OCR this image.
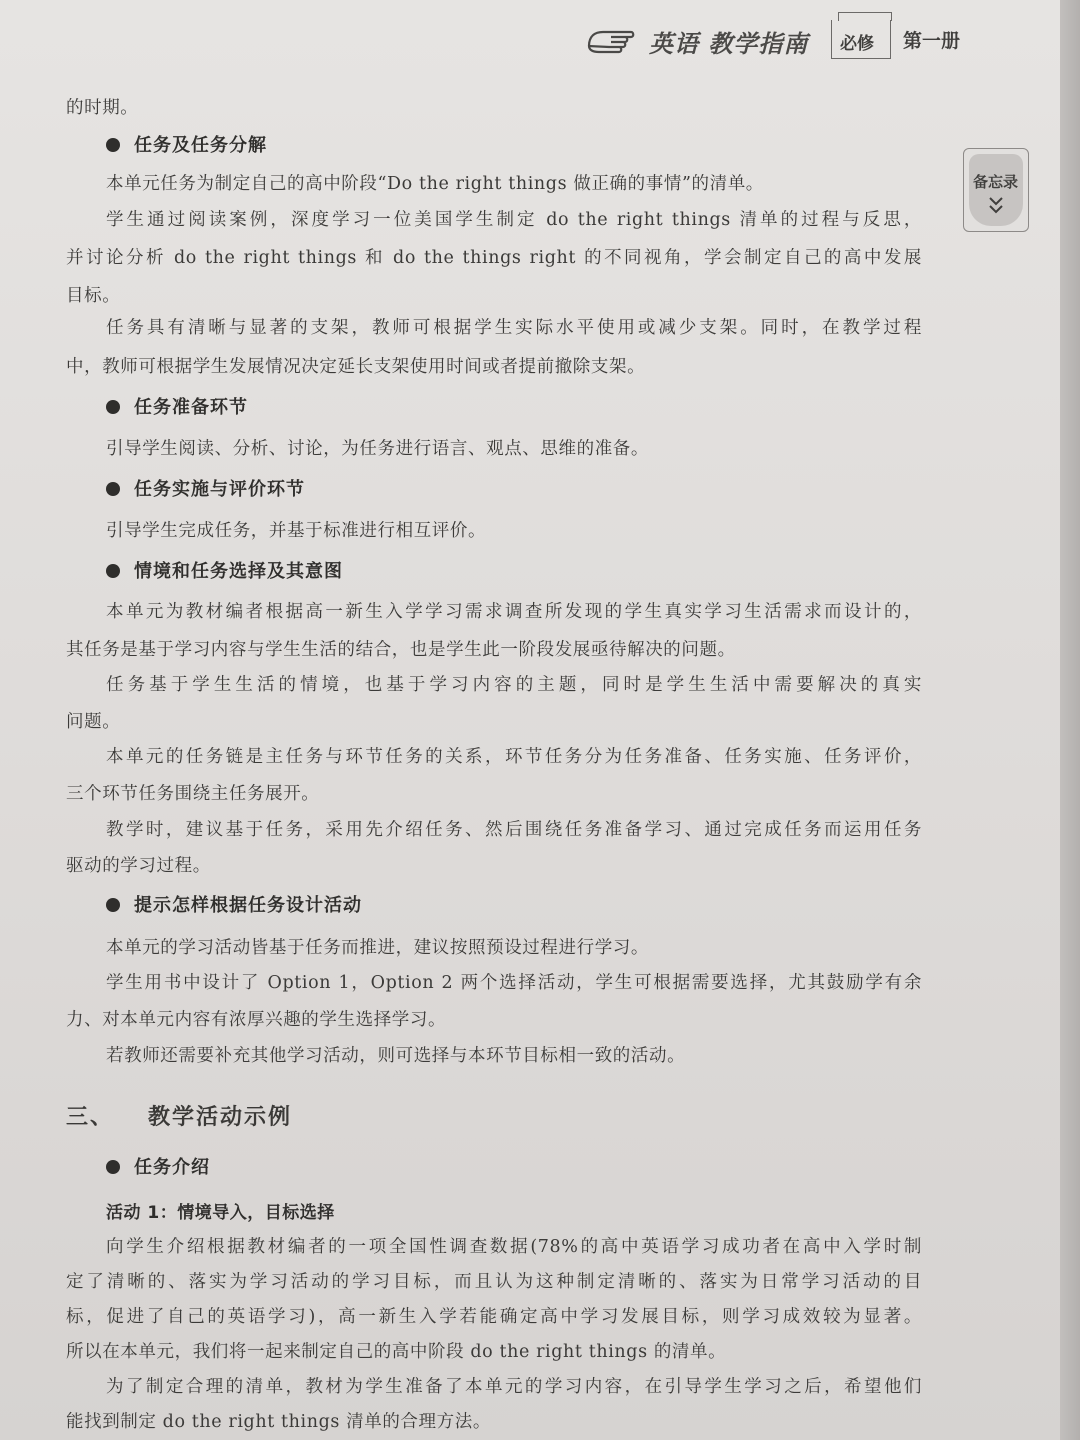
英语 教学指南 必修 第一册
备忘录
的时期。
任务及任务分解
本单元任务为制定自己的高中阶段“Do the right things 做正确的事情”的清单。
学生通过阅读案例，深度学习一位美国学生制定 do the right things 清单的过程与反思，
并讨论分析 do the right things 和 do the things right 的不同视角，学会制定自己的高中发展
目标。
任务具有清晰与显著的支架，教师可根据学生实际水平使用或减少支架。同时，在教学过程
中，教师可根据学生发展情况决定延长支架使用时间或者提前撤除支架。
任务准备环节
引导学生阅读、分析、讨论，为任务进行语言、观点、思维的准备。
任务实施与评价环节
引导学生完成任务，并基于标准进行相互评价。
情境和任务选择及其意图
本单元为教材编者根据高一新生入学学习需求调查所发现的学生真实学习生活需求而设计的，
其任务是基于学习内容与学生生活的结合，也是学生此一阶段发展亟待解决的问题。
任务基于学生生活的情境，也基于学习内容的主题，同时是学生生活中需要解决的真实
问题。
本单元的任务链是主任务与环节任务的关系，环节任务分为任务准备、任务实施、任务评价，
三个环节任务围绕主任务展开。
教学时，建议基于任务，采用先介绍任务、然后围绕任务准备学习、通过完成任务而运用任务
驱动的学习过程。
提示怎样根据任务设计活动
本单元的学习活动皆基于任务而推进，建议按照预设过程进行学习。
学生用书中设计了 Option 1，Option 2 两个选择活动，学生可根据需要选择，尤其鼓励学有余
力、对本单元内容有浓厚兴趣的学生选择学习。
若教师还需要补充其他学习活动，则可选择与本环节目标相一致的活动。
三、 教学活动示例
任务介绍
活动 1：情境导入，目标选择
向学生介绍根据教材编者的一项全国性调查数据(78%的高中英语学习成功者在高中入学时制
定了清晰的、落实为学习活动的学习目标，而且认为这种制定清晰的、落实为日常学习活动的目
标，促进了自己的英语学习)，高一新生入学若能确定高中学习发展目标，则学习成效较为显著。
所以在本单元，我们将一起来制定自己的高中阶段 do the right things 的清单。
为了制定合理的清单，教材为学生准备了本单元的学习内容，在引导学生学习之后，希望他们
能找到制定 do the right things 清单的合理方法。
